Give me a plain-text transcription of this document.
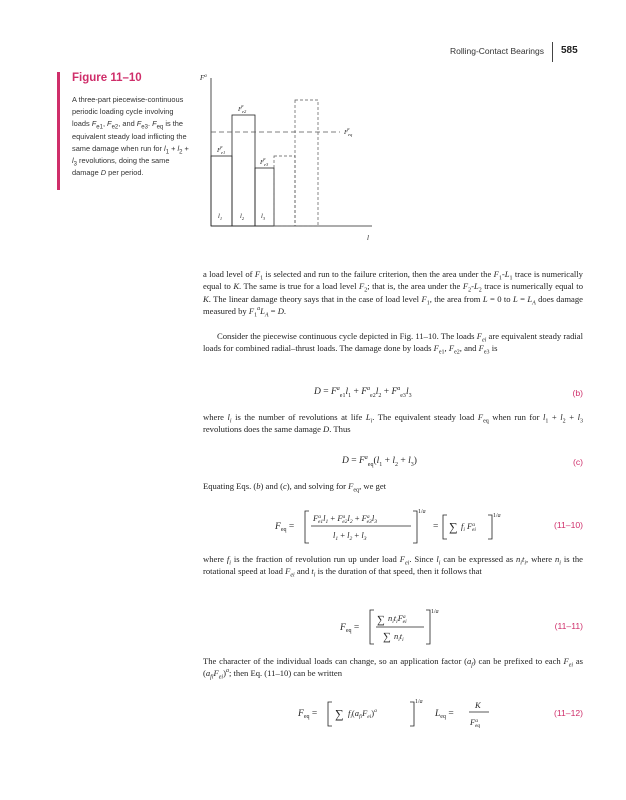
Rolling-Contact Bearings 585
Figure 11–10
A three-part piecewise-continuous periodic loading cycle involving loads $F_{e1}$, $F_{e2}$, and $F_{e3}$. $F_{eq}$ is the equivalent steady load inflicting the same damage when run for $l_1 + l_2 + l_3$ revolutions, doing the same damage D per period.
$F^a$
l
$F_{e1}a$
$F_{e2}a$
$F_{e3}a$
$F_{eq}a$
$l_1$	$l_2$	$l_3$
a load level of $F_1$ is selected and run to the failure criterion, then the area under the $F_1-L_1$ trace is numerically equal to K. The same is true for a load level $F_2$; that is, the area under the $F_2-L_2$ trace is numerically equal to K. The linear damage theory says that in the case of load level $F_1$, the area from L = 0 to $L = L_A$ does damage measured by $F_1^aL_A = D$.
Consider the piecewise continuous cycle depicted in Fig. 11–10. The loads $F_{ei}$ are equivalent steady radial loads for combined radial–thrust loads. The damage done by loads $F_{e1}$, $F_{e2}$, and $F_{e3}$ is
$D = F^a_{e1}l_1 + F^a_{e2}l_2 + F^a_{e3}l_3$	(b)
where $l_i$ is the number of revolutions at life $L_i$. The equivalent steady load $F_{eq}$ when run for $l_1 + l_2 + l_3$ revolutions does the same damage D. Thus
$D = F^a_{eq}(l_1 + l_2 + l_3)$	(c)
Equating Eqs. (b) and (c), and solving for $F_{eq}$, we get
$F_{eq}$ =
$F^a$ $e1l_1 + F^a$ $e2l_2 + F^a$ $e3l_3$
$l_1 + l_2 + l_3$
1/a
= ∑ $f_i$ $F^a$ ei
1/a
(11–10)
where $f_i$ is the fraction of revolution run up under load $F_{ei}$. Since $l_i$ can be expressed as $n_it_i$, where $n_i$ is the rotational speed at load $F_{ei}$ and $t_i$ is the duration of that speed, then it follows that
$F_{eq}$ =
∑ $n_it_iF^a$ ei
∑ $n_it_i$
1/a
(11–11)
The character of the individual loads can change, so an application factor $(a_f)$ can be prefixed to each $F_{ei}$ as $(a_{fi}F_{ei})^a$; then Eq. (11–10) can be written
$F_{eq}$ = ∑ $f_i(a_{fi}F_{ei})^a$
1/a
$L_{eq}$ =
K
$F^a$ eq
(11–12)
